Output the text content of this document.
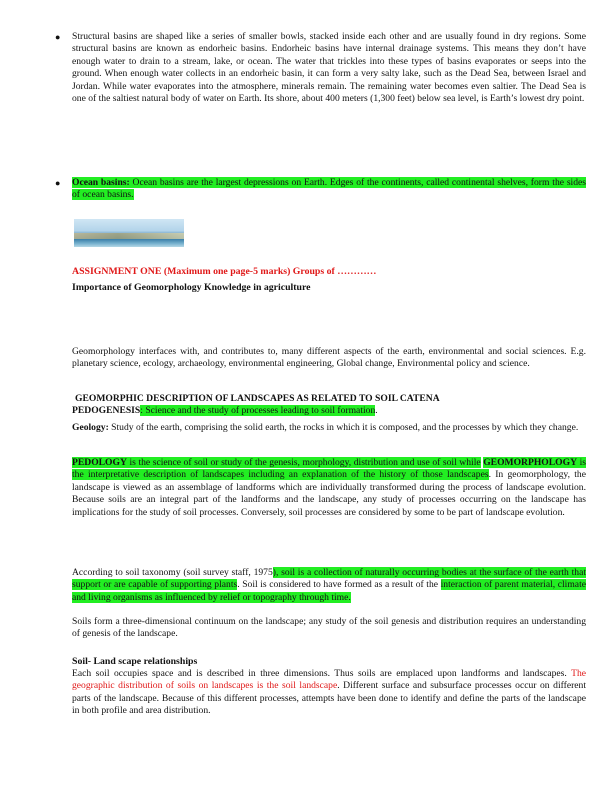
● Structural basins are shaped like a series of smaller bowls, stacked inside each other and are usually found in dry regions. Some structural basins are known as endorheic basins. Endorheic basins have internal drainage systems. This means they don’t have enough water to drain to a stream, lake, or ocean. The water that trickles into these types of basins evaporates or seeps into the ground. When enough water collects in an endorheic basin, it can form a very salty lake, such as the Dead Sea, between Israel and Jordan. While water evaporates into the atmosphere, minerals remain. The remaining water becomes even saltier. The Dead Sea is one of the saltiest natural body of water on Earth. Its shore, about 400 meters (1,300 feet) below sea level, is Earth’s lowest dry point.

● Ocean basins: Ocean basins are the largest depressions on Earth. Edges of the continents, called continental shelves, form the sides of ocean basins.

ASSIGNMENT ONE (Maximum one page-5 marks) Groups of …………
Importance of Geomorphology Knowledge in agriculture

Geomorphology interfaces with, and contributes to, many different aspects of the earth, environmental and social sciences. E.g. planetary science, ecology, archaeology, environmental engineering, Global change, Environmental policy and science.

GEOMORPHIC DESCRIPTION OF LANDSCAPES AS RELATED TO SOIL CATENA

PEDOGENESIS: Science and the study of processes leading to soil formation.

Geology: Study of the earth, comprising the solid earth, the rocks in which it is composed, and the processes by which they change.

PEDOLOGY is the science of soil or study of the genesis, morphology, distribution and use of soil while GEOMORPHOLOGY is the interpretative description of landscapes including an explanation of the history of those landscapes. In geomorphology, the landscape is viewed as an assemblage of landforms which are individually transformed during the process of landscape evolution. Because soils are an integral part of the landforms and the landscape, any study of processes occurring on the landscape has implications for the study of soil processes. Conversely, soil processes are considered by some to be part of landscape evolution.

According to soil taxonomy (soil survey staff, 1975), soil is a collection of naturally occurring bodies at the surface of the earth that support or are capable of supporting plants. Soil is considered to have formed as a result of the interaction of parent material, climate and living organisms as influenced by relief or topography through time.

Soils form a three-dimensional continuum on the landscape; any study of the soil genesis and distribution requires an understanding of genesis of the landscape.

Soil- Land scape relationships

Each soil occupies space and is described in three dimensions. Thus soils are emplaced upon landforms and landscapes. The geographic distribution of soils on landscapes is the soil landscape. Different surface and subsurface processes occur on different parts of the landscape. Because of this different processes, attempts have been done to identify and define the parts of the landscape in both profile and area distribution.
